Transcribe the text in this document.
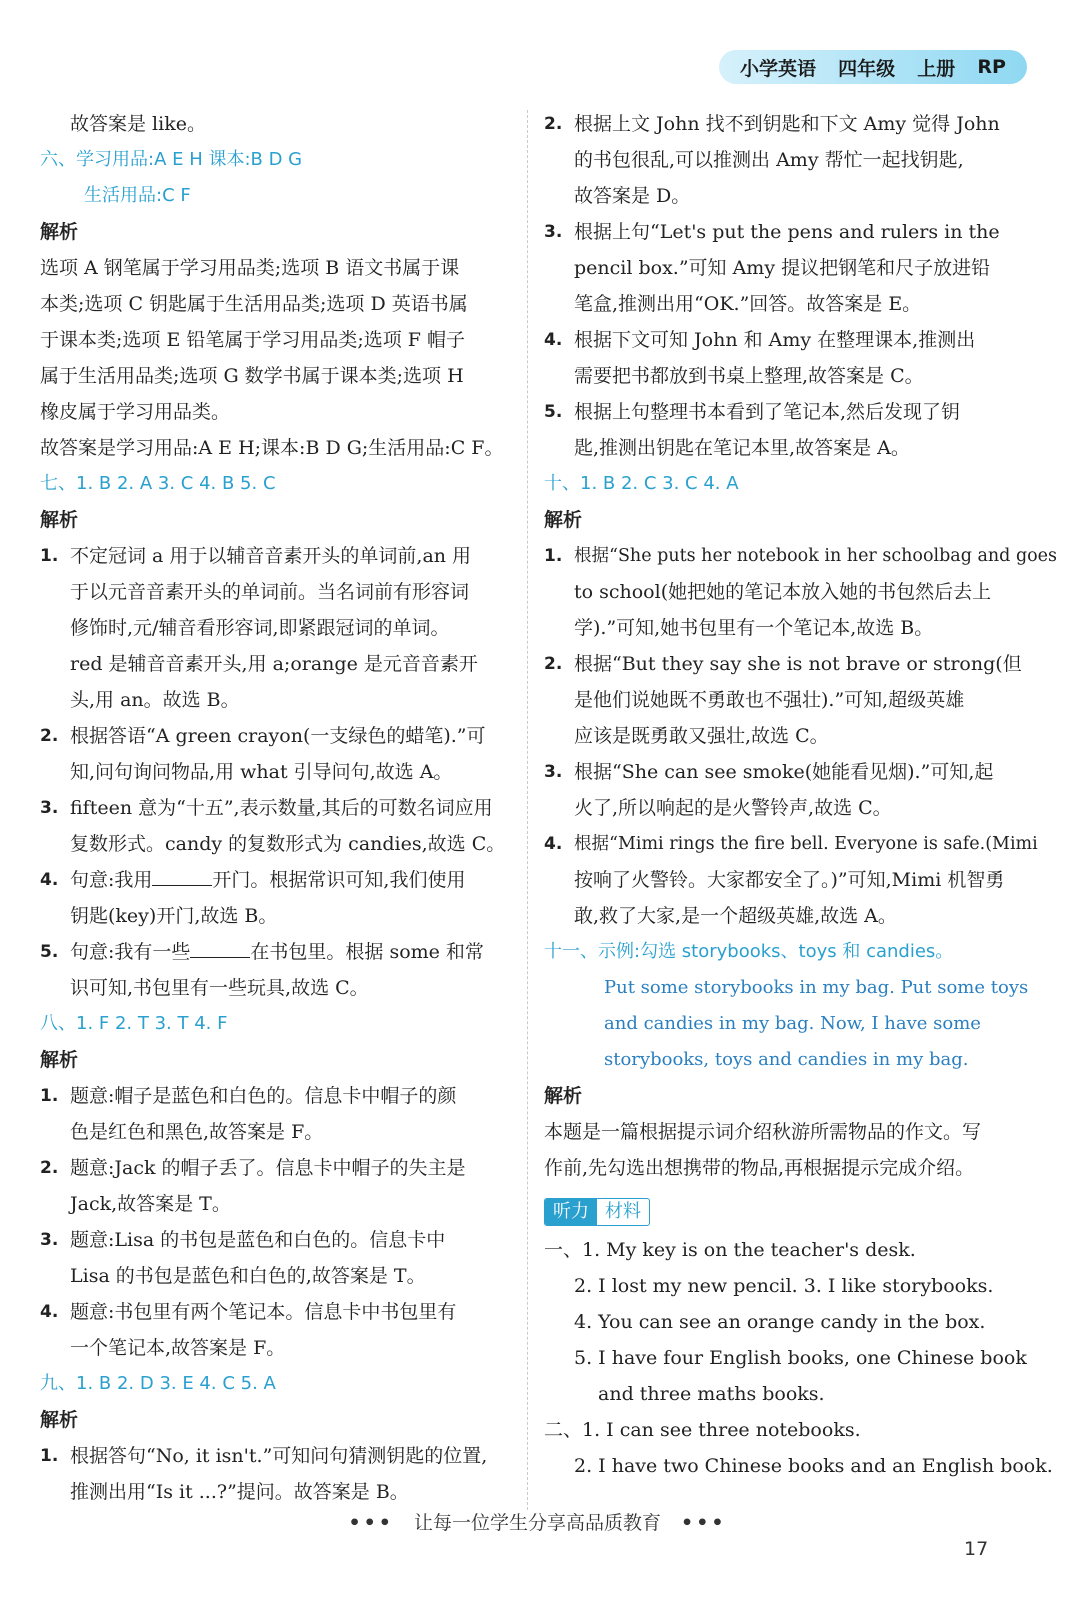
小学英语 四年级 上册 RP
故答案是 like。
六、学习用品:A E H 课本:B D G
生活用品:C F
解析
选项 A 钢笔属于学习用品类;选项 B 语文书属于课
本类;选项 C 钥匙属于生活用品类;选项 D 英语书属
于课本类;选项 E 铅笔属于学习用品类;选项 F 帽子
属于生活用品类;选项 G 数学书属于课本类;选项 H
橡皮属于学习用品类。
故答案是学习用品:A E H;课本:B D G;生活用品:C F。
七、1. B 2. A 3. C 4. B 5. C
解析
1. 不定冠词 a 用于以辅音音素开头的单词前,an 用
于以元音音素开头的单词前。当名词前有形容词
修饰时,元/辅音看形容词,即紧跟冠词的单词。
red 是辅音音素开头,用 a;orange 是元音音素开
头,用 an。故选 B。
2. 根据答语“A green crayon(一支绿色的蜡笔).”可
知,问句询问物品,用 what 引导问句,故选 A。
3. fifteen 意为“十五”,表示数量,其后的可数名词应用
复数形式。candy 的复数形式为 candies,故选 C。
4. 句意:我用	开门。根据常识可知,我们使用
钥匙(key)开门,故选 B。
5. 句意:我有一些	在书包里。根据 some 和常
识可知,书包里有一些玩具,故选 C。
八、1. F 2. T 3. T 4. F
解析
1. 题意:帽子是蓝色和白色的。信息卡中帽子的颜
色是红色和黑色,故答案是 F。
2. 题意:Jack 的帽子丢了。信息卡中帽子的失主是
Jack,故答案是 T。
3. 题意:Lisa 的书包是蓝色和白色的。信息卡中
Lisa 的书包是蓝色和白色的,故答案是 T。
4. 题意:书包里有两个笔记本。信息卡中书包里有
一个笔记本,故答案是 F。
九、1. B 2. D 3. E 4. C 5. A
解析
1. 根据答句“No, it isn't.”可知问句猜测钥匙的位置,
推测出用“Is it ...?”提问。故答案是 B。
2. 根据上文 John 找不到钥匙和下文 Amy 觉得 John
的书包很乱,可以推测出 Amy 帮忙一起找钥匙,
故答案是 D。
3. 根据上句“Let's put the pens and rulers in the
pencil box.”可知 Amy 提议把钢笔和尺子放进铅
笔盒,推测出用“OK.”回答。故答案是 E。
4. 根据下文可知 John 和 Amy 在整理课本,推测出
需要把书都放到书桌上整理,故答案是 C。
5. 根据上句整理书本看到了笔记本,然后发现了钥
匙,推测出钥匙在笔记本里,故答案是 A。
十、1. B 2. C 3. C 4. A
解析
1. 根据“She puts her notebook in her schoolbag and goes
to school(她把她的笔记本放入她的书包然后去上
学).”可知,她书包里有一个笔记本,故选 B。
2. 根据“But they say she is not brave or strong(但
是他们说她既不勇敢也不强壮).”可知,超级英雄
应该是既勇敢又强壮,故选 C。
3. 根据“She can see smoke(她能看见烟).”可知,起
火了,所以响起的是火警铃声,故选 C。
4. 根据“Mimi rings the fire bell. Everyone is safe.(Mimi
按响了火警铃。大家都安全了。)”可知,Mimi 机智勇
敢,救了大家,是一个超级英雄,故选 A。
十一、示例:勾选 storybooks、toys 和 candies。
Put some storybooks in my bag. Put some toys
and candies in my bag. Now, I have some
storybooks, toys and candies in my bag.
解析
本题是一篇根据提示词介绍秋游所需物品的作文。写
作前,先勾选出想携带的物品,再根据提示完成介绍。
听力 材料
一、1. My key is on the teacher's desk.
2. I lost my new pencil. 3. I like storybooks.
4. You can see an orange candy in the box.
5. I have four English books, one Chinese book
and three maths books.
二、1. I can see three notebooks.
2. I have two Chinese books and an English book.
••• 让每一位学生分享高品质教育 •••
17
